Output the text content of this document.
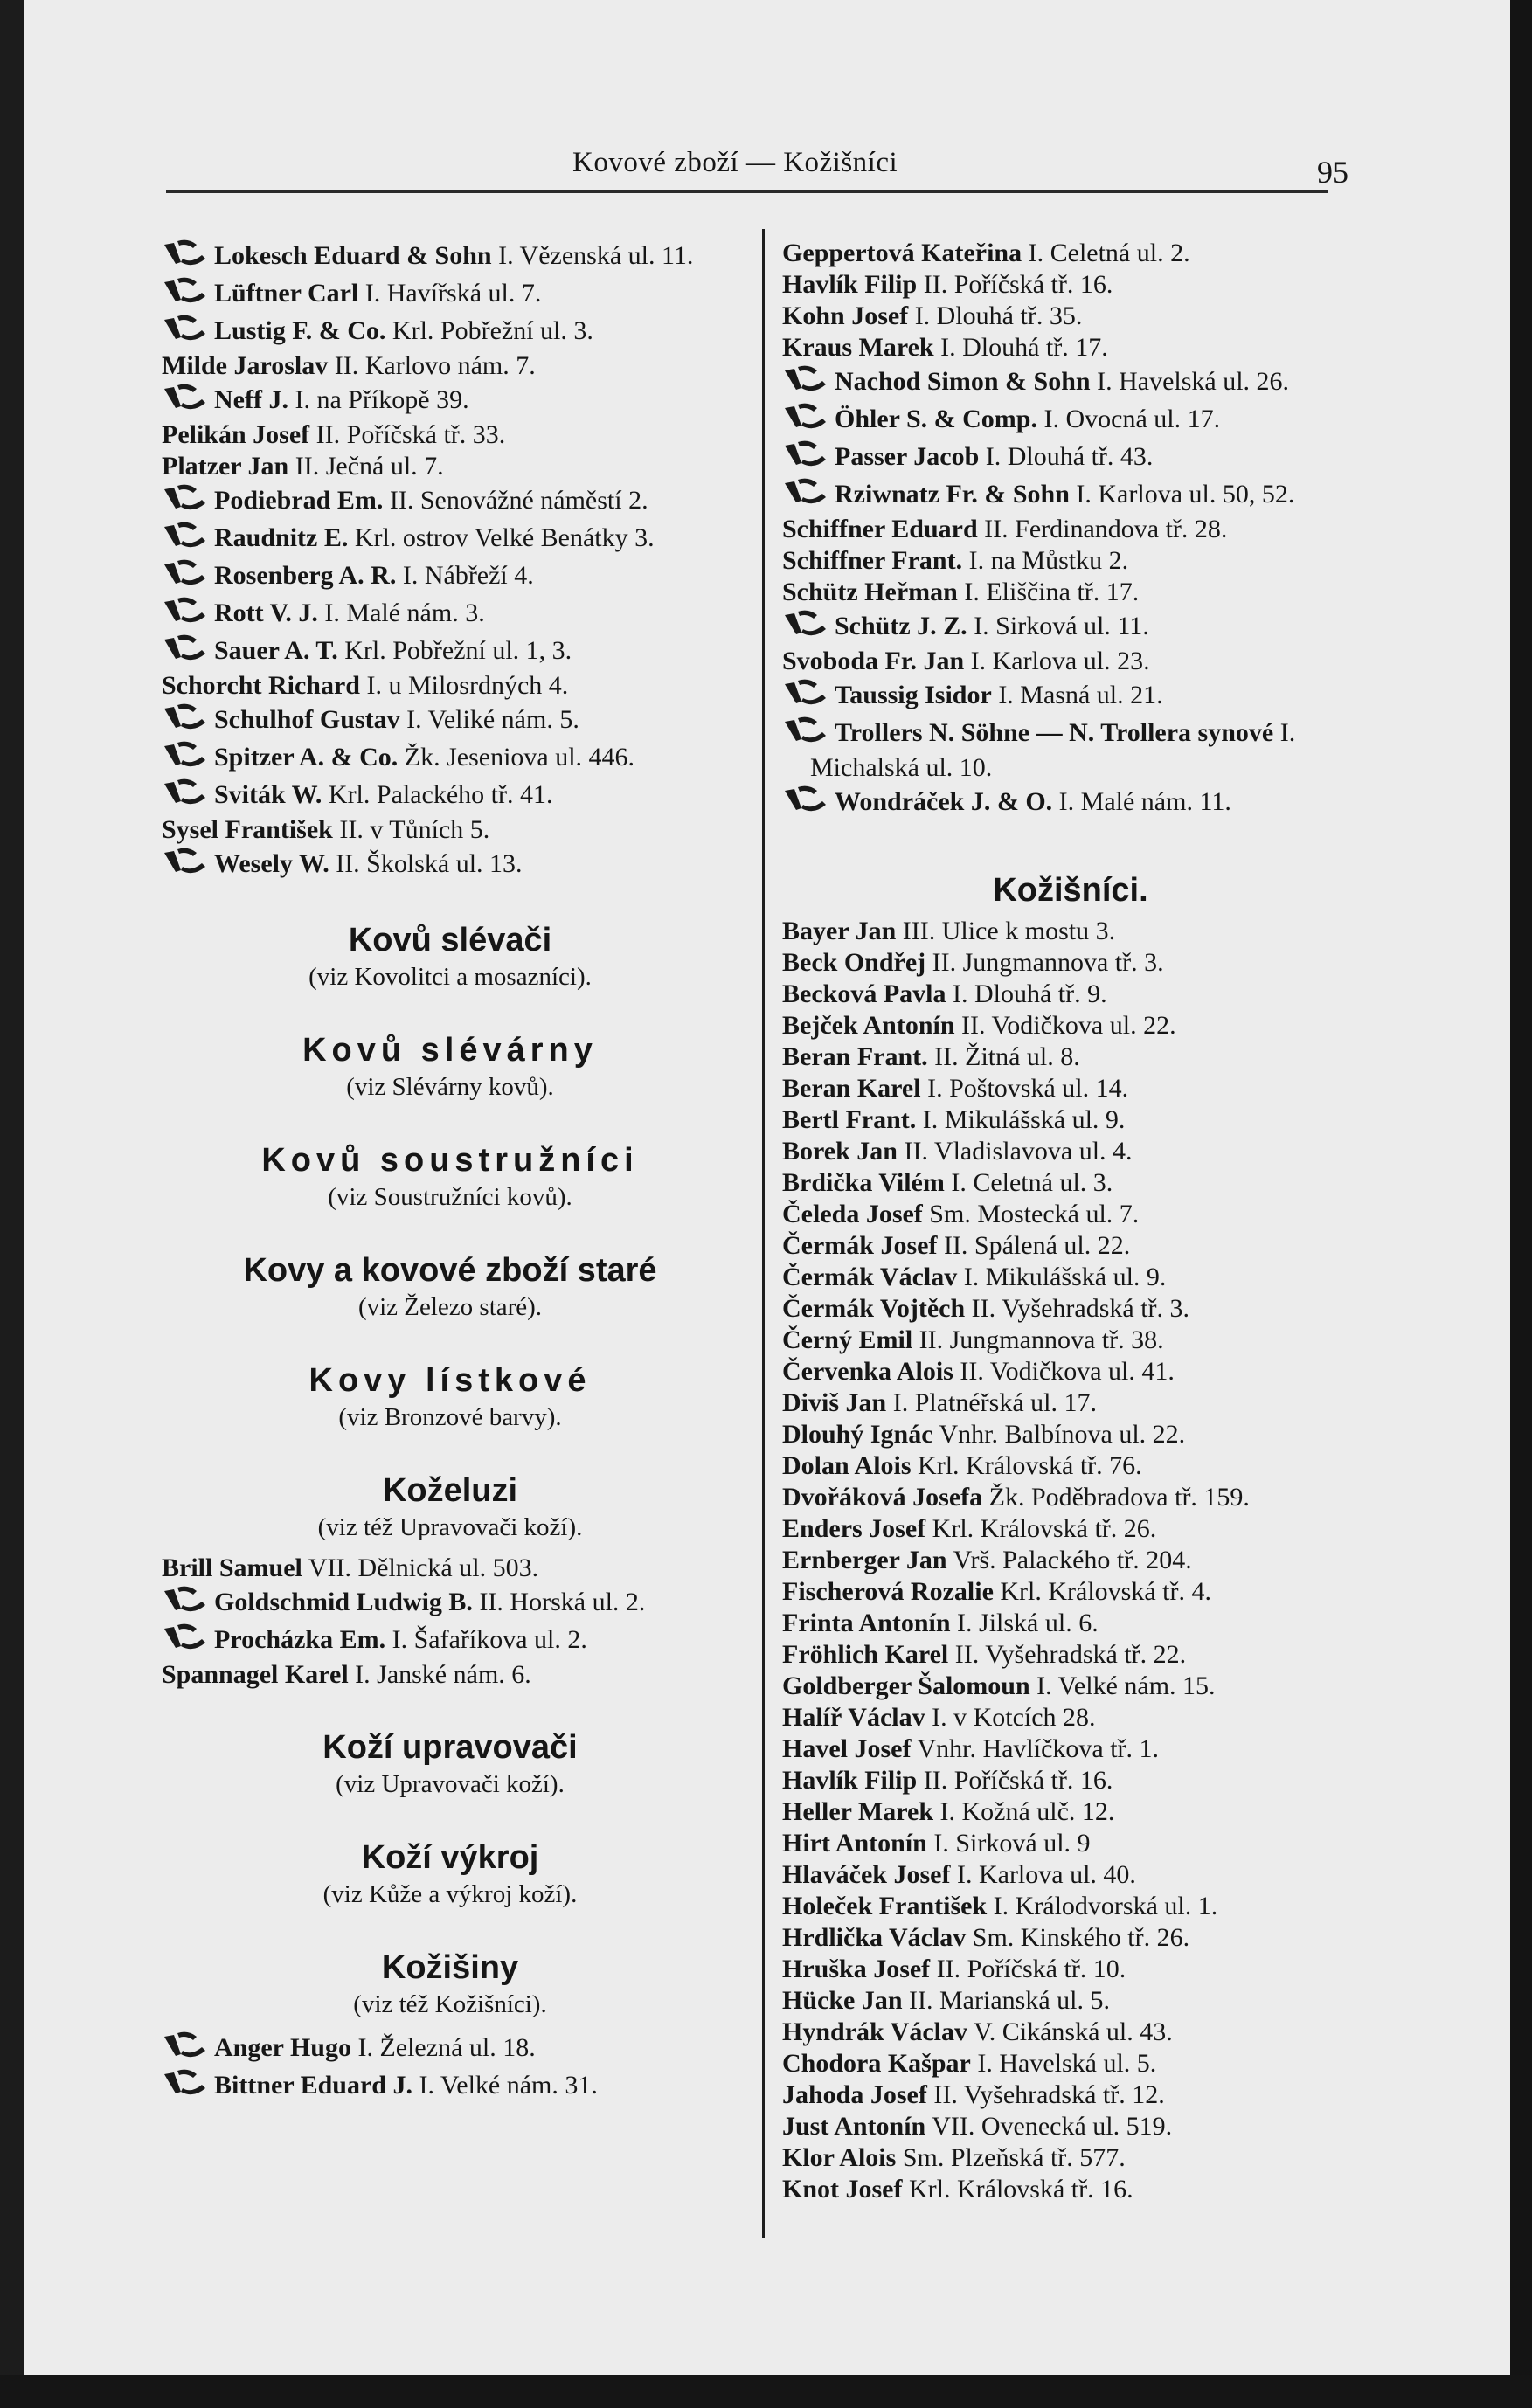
Kovové zboží — Kožišníci	95
Lokesch Eduard & Sohn I. Vězenská ul. 11.
Lüftner Carl I. Havířská ul. 7.
Lustig F. & Co. Krl. Pobřežní ul. 3.
Milde Jaroslav II. Karlovo nám. 7.
Neff J. I. na Příkopě 39.
Pelikán Josef II. Poříčská tř. 33.
Platzer Jan II. Ječná ul. 7.
Podiebrad Em. II. Senovážné náměstí 2.
Raudnitz E. Krl. ostrov Velké Benátky 3.
Rosenberg A. R. I. Nábřeží 4.
Rott V. J. I. Malé nám. 3.
Sauer A. T. Krl. Pobřežní ul. 1, 3.
Schorcht Richard I. u Milosrdných 4.
Schulhof Gustav I. Veliké nám. 5.
Spitzer A. & Co. Žk. Jeseniova ul. 446.
Sviták W. Krl. Palackého tř. 41.
Sysel František II. v Tůních 5.
Wesely W. II. Školská ul. 13.
Kovů slévači
(viz Kovolitci a mosazníci).
Kovů slévárny
(viz Slévárny kovů).
Kovů soustružníci
(viz Soustružníci kovů).
Kovy a kovové zboží staré
(viz Železo staré).
Kovy lístkové
(viz Bronzové barvy).
Koželuzi
(viz též Upravovači koží).
Brill Samuel VII. Dělnická ul. 503.
Goldschmid Ludwig B. II. Horská ul. 2.
Procházka Em. I. Šafaříkova ul. 2.
Spannagel Karel I. Janské nám. 6.
Koží upravovači
(viz Upravovači koží).
Koží výkroj
(viz Kůže a výkroj koží).
Kožišiny
(viz též Kožišníci).
Anger Hugo I. Železná ul. 18.
Bittner Eduard J. I. Velké nám. 31.
Geppertová Kateřina I. Celetná ul. 2.
Havlík Filip II. Poříčská tř. 16.
Kohn Josef I. Dlouhá tř. 35.
Kraus Marek I. Dlouhá tř. 17.
Nachod Simon & Sohn I. Havelská ul. 26.
Öhler S. & Comp. I. Ovocná ul. 17.
Passer Jacob I. Dlouhá tř. 43.
Rziwnatz Fr. & Sohn I. Karlova ul. 50, 52.
Schiffner Eduard II. Ferdinandova tř. 28.
Schiffner Frant. I. na Můstku 2.
Schütz Heřman I. Eliščina tř. 17.
Schütz J. Z. I. Sirková ul. 11.
Svoboda Fr. Jan I. Karlova ul. 23.
Taussig Isidor I. Masná ul. 21.
Trollers N. Söhne — N. Trollera synové I. Michalská ul. 10.
Wondráček J. & O. I. Malé nám. 11.
Kožišníci.
Bayer Jan III. Ulice k mostu 3.
Beck Ondřej II. Jungmannova tř. 3.
Becková Pavla I. Dlouhá tř. 9.
Bejček Antonín II. Vodičkova ul. 22.
Beran Frant. II. Žitná ul. 8.
Beran Karel I. Poštovská ul. 14.
Bertl Frant. I. Mikulášská ul. 9.
Borek Jan II. Vladislavova ul. 4.
Brdička Vilém I. Celetná ul. 3.
Čeleda Josef Sm. Mostecká ul. 7.
Čermák Josef II. Spálená ul. 22.
Čermák Václav I. Mikulášská ul. 9.
Čermák Vojtěch II. Vyšehradská tř. 3.
Černý Emil II. Jungmannova tř. 38.
Červenka Alois II. Vodičkova ul. 41.
Diviš Jan I. Platnéřská ul. 17.
Dlouhý Ignác Vnhr. Balbínova ul. 22.
Dolan Alois Krl. Královská tř. 76.
Dvořáková Josefa Žk. Poděbradova tř. 159.
Enders Josef Krl. Královská tř. 26.
Ernberger Jan Vrš. Palackého tř. 204.
Fischerová Rozalie Krl. Královská tř. 4.
Frinta Antonín I. Jilská ul. 6.
Fröhlich Karel II. Vyšehradská tř. 22.
Goldberger Šalomoun I. Velké nám. 15.
Halíř Václav I. v Kotcích 28.
Havel Josef Vnhr. Havlíčkova tř. 1.
Havlík Filip II. Poříčská tř. 16.
Heller Marek I. Kožná ulč. 12.
Hirt Antonín I. Sirková ul. 9
Hlaváček Josef I. Karlova ul. 40.
Holeček František I. Králodvorská ul. 1.
Hrdlička Václav Sm. Kinského tř. 26.
Hruška Josef II. Poříčská tř. 10.
Hücke Jan II. Marianská ul. 5.
Hyndrák Václav V. Cikánská ul. 43.
Chodora Kašpar I. Havelská ul. 5.
Jahoda Josef II. Vyšehradská tř. 12.
Just Antonín VII. Ovenecká ul. 519.
Klor Alois Sm. Plzeňská tř. 577.
Knot Josef Krl. Královská tř. 16.
